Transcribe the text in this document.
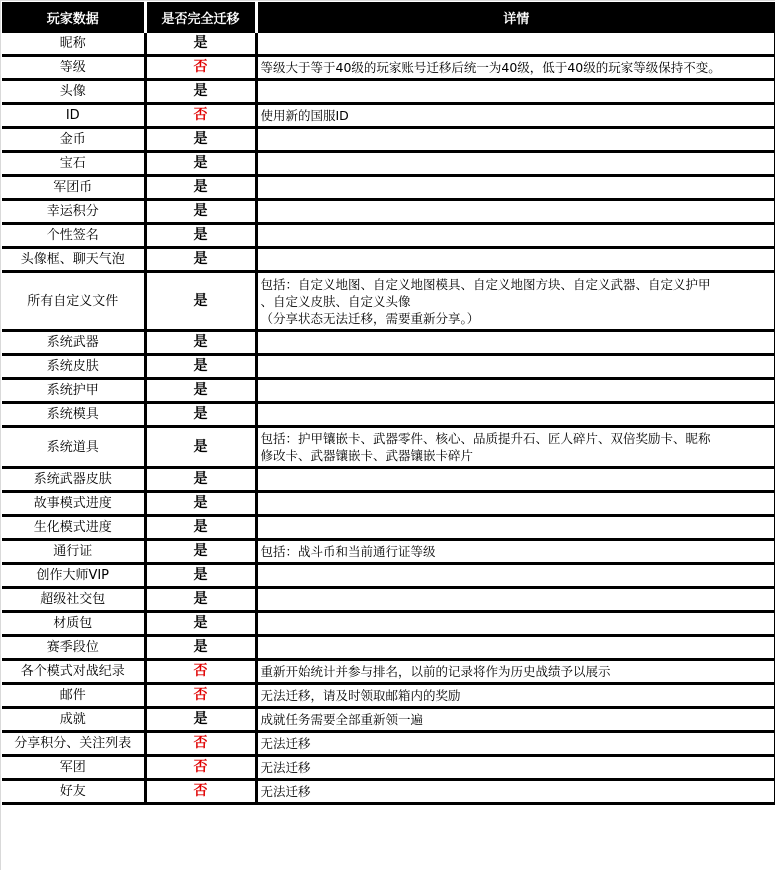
玩家数据	是否完全迁移	详情
昵称	是	
等级	否	等级大于等于40级的玩家账号迁移后统一为40级，低于40级的玩家等级保持不变。
头像	是	
ID	否	使用新的国服ID
金币	是	
宝石	是	
军团币	是	
幸运积分	是	
个性签名	是	
头像框、聊天气泡	是	
所有自定义文件	是	包括：自定义地图、自定义地图模具、自定义地图方块、自定义武器、自定义护甲
、自定义皮肤、自定义头像
（分享状态无法迁移，需要重新分享。）

系统武器	是	
系统皮肤	是	
系统护甲	是	
系统模具	是	
系统道具	是	包括：护甲镶嵌卡、武器零件、核心、品质提升石、匠人碎片、双倍奖励卡、昵称
修改卡、武器镶嵌卡、武器镶嵌卡碎片

系统武器皮肤	是	
故事模式进度	是	
生化模式进度	是	
通行证	是	包括：战斗币和当前通行证等级
创作大师VIP	是	
超级社交包	是	
材质包	是	
赛季段位	是	
各个模式对战纪录	否	重新开始统计并参与排名，以前的记录将作为历史战绩予以展示
邮件	否	无法迁移，请及时领取邮箱内的奖励
成就	是	成就任务需要全部重新领一遍
分享积分、关注列表	否	无法迁移
军团	否	无法迁移
好友	否	无法迁移
